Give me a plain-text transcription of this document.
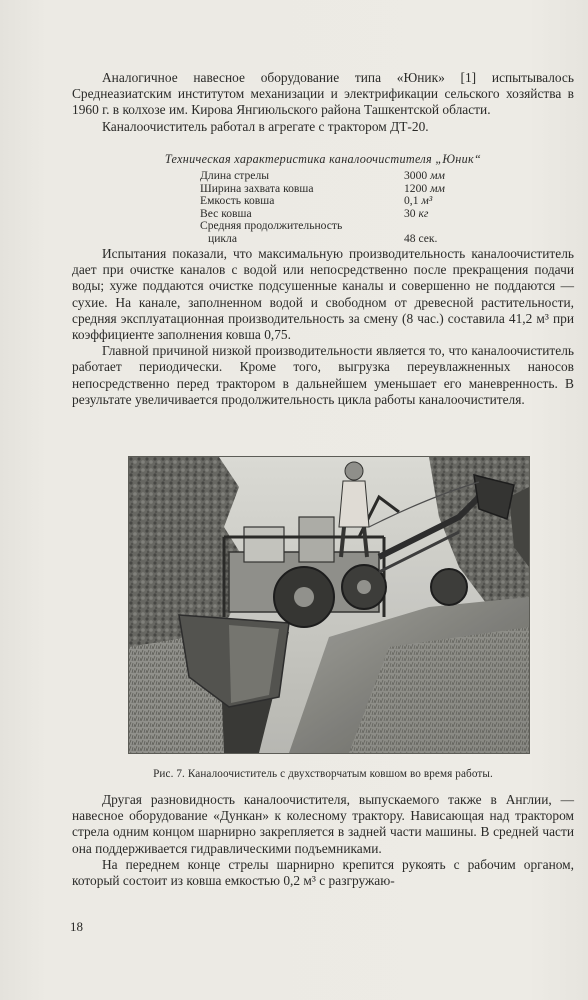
Аналогичное навесное оборудование типа «Юник» [1] испытывалось Среднеазиатским институтом механизации и электрификации сельского хозяйства в 1960 г. в колхозе им. Кирова Янгиюльского района Ташкентской области.

Каналоочиститель работал в агрегате с трактором ДТ-20.

Техническая характеристика каналоочистителя „Юник“
Длина стрелы	3000 мм
Ширина захвата ковша	1200 мм
Емкость ковша	0,1 м³
Вес ковша	30 кг
Средняя продолжительность	
цикла	48 сек.

Испытания показали, что максимальную производительность каналоочиститель дает при очистке каналов с водой или непосредственно после прекращения подачи воды; хуже поддаются очистке подсушенные каналы и совершенно не поддаются — сухие. На канале, заполненном водой и свободном от древесной растительности, средняя эксплуатационная производительность за смену (8 час.) составила 41,2 м³ при коэффициенте заполнения ковша 0,75.

Главной причиной низкой производительности является то, что каналоочиститель работает периодически. Кроме того, выгрузка переувлажненных наносов непосредственно перед трактором в дальнейшем уменьшает его маневренность. В результате увеличивается продолжительность цикла работы каналоочистителя.

Рис. 7. Каналоочиститель с двухстворчатым ковшом во время работы.

Другая разновидность каналоочистителя, выпускаемого также в Англии, — навесное оборудование «Дункан» к колесному трактору. Нависающая над трактором стрела одним концом шарнирно закрепляется в задней части машины. В средней части она поддерживается гидравлическими подъемниками.

На переднем конце стрелы шарнирно крепится рукоять с рабочим органом, который состоит из ковша емкостью 0,2 м³ с разгружаю-

18
